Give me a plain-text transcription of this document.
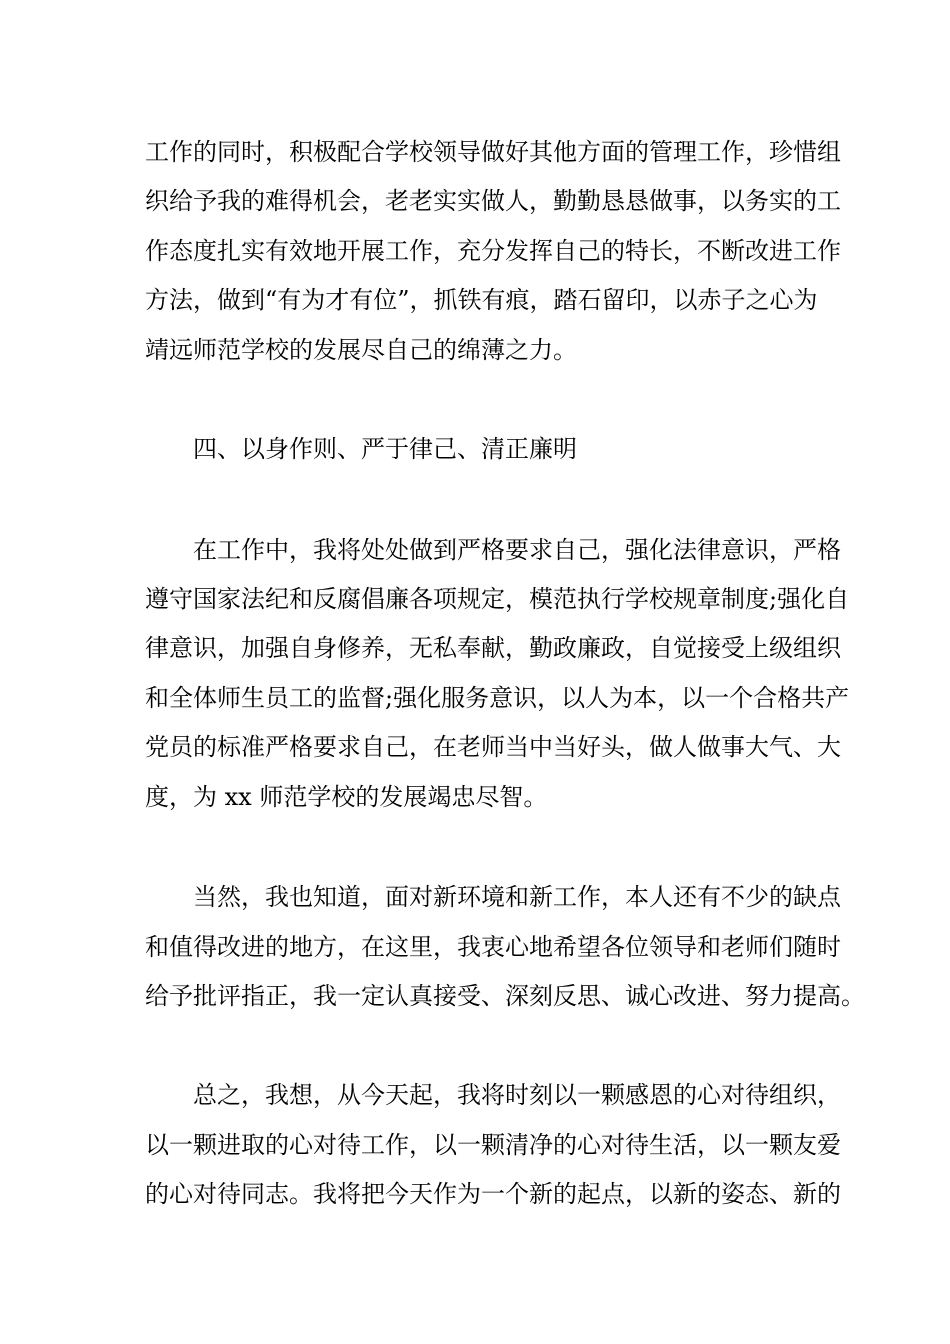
工作的同时，积极配合学校领导做好其他方面的管理工作，珍惜组
织给予我的难得机会，老老实实做人，勤勤恳恳做事，以务实的工
作态度扎实有效地开展工作，充分发挥自己的特长，不断改进工作
方法，做到“有为才有位”，抓铁有痕，踏石留印，以赤子之心为
靖远师范学校的发展尽自己的绵薄之力。
四、以身作则、严于律己、清正廉明
在工作中，我将处处做到严格要求自己，强化法律意识，严格
遵守国家法纪和反腐倡廉各项规定，模范执行学校规章制度;强化自
律意识，加强自身修养，无私奉献，勤政廉政，自觉接受上级组织
和全体师生员工的监督;强化服务意识，以人为本，以一个合格共产
党员的标准严格要求自己，在老师当中当好头，做人做事大气、大
度，为 xx 师范学校的发展竭忠尽智。
当然，我也知道，面对新环境和新工作，本人还有不少的缺点
和值得改进的地方，在这里，我衷心地希望各位领导和老师们随时
给予批评指正，我一定认真接受、深刻反思、诚心改进、努力提高。
总之，我想，从今天起，我将时刻以一颗感恩的心对待组织，
以一颗进取的心对待工作，以一颗清净的心对待生活，以一颗友爱
的心对待同志。我将把今天作为一个新的起点，以新的姿态、新的
